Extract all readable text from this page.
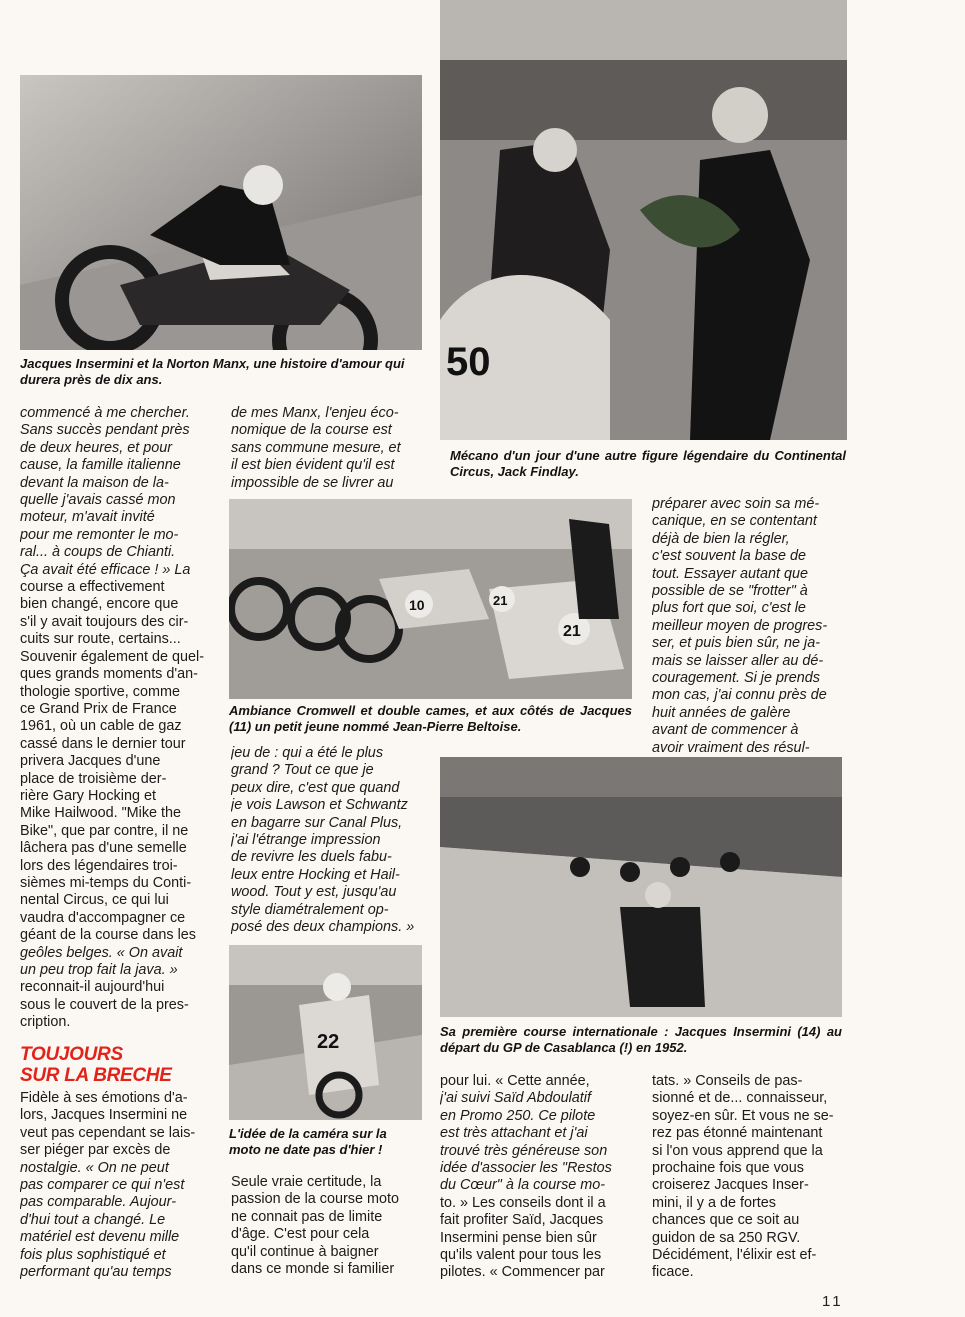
Jacques Insermini et la Norton Manx, une histoire d'amour qui durera près de dix ans.	50
Mécano d'un jour d'une autre figure légendaire du Continental Circus, Jack Findlay.
10	21
21
Ambiance Cromwell et double cames, et aux côtés de Jacques (11) un petit jeune nommé Jean-Pierre Beltoise.
Sa première course internationale : Jacques Insermini (14) au départ du GP de Casablanca (!) en 1952.
22
L'idée de la caméra sur la moto ne date pas d'hier !
commencé à me chercher.
Sans succès pendant près
de deux heures, et pour
cause, la famille italienne
devant la maison de la-
quelle j'avais cassé mon
moteur, m'avait invité
pour me remonter le mo-
ral... à coups de Chianti.
Ça avait été efficace ! » La
course a effectivement
bien changé, encore que
s'il y avait toujours des cir-
cuits sur route, certains...
Souvenir également de quel-
ques grands moments d'an-
thologie sportive, comme
ce Grand Prix de France
1961, où un cable de gaz
cassé dans le dernier tour
privera Jacques d'une
place de troisième der-
rière Gary Hocking et
Mike Hailwood. "Mike the
Bike", que par contre, il ne
lâchera pas d'une semelle
lors des légendaires troi-
sièmes mi-temps du Conti-
nental Circus, ce qui lui
vaudra d'accompagner ce
géant de la course dans les
geôles belges. « On avait
un peu trop fait la java. »
reconnait-il aujourd'hui
sous le couvert de la pres-
cription.
TOUJOURS
SUR LA BRECHE
Fidèle à ses émotions d'a-
lors, Jacques Insermini ne
veut pas cependant se lais-
ser piéger par excès de
nostalgie. « On ne peut
pas comparer ce qui n'est
pas comparable. Aujour-
d'hui tout a changé. Le
matériel est devenu mille
fois plus sophistiqué et
performant qu'au temps
de mes Manx, l'enjeu éco-
nomique de la course est
sans commune mesure, et
il est bien évident qu'il est
impossible de se livrer au
jeu de : qui a été le plus
grand ? Tout ce que je
peux dire, c'est que quand
je vois Lawson et Schwantz
en bagarre sur Canal Plus,
j'ai l'étrange impression
de revivre les duels fabu-
leux entre Hocking et Hail-
wood. Tout y est, jusqu'au
style diamétralement op-
posé des deux champions. »
Seule vraie certitude, la
passion de la course moto
ne connait pas de limite
d'âge. C'est pour cela
qu'il continue à baigner
dans ce monde si familier
pour lui. « Cette année,
j'ai suivi Saïd Abdoulatif
en Promo 250. Ce pilote
est très attachant et j'ai
trouvé très généreuse son
idée d'associer les "Restos
du Cœur" à la course mo-
to. » Les conseils dont il a
fait profiter Saïd, Jacques
Insermini pense bien sûr
qu'ils valent pour tous les
pilotes. « Commencer par
préparer avec soin sa mé-
canique, en se contentant
déjà de bien la régler,
c'est souvent la base de
tout. Essayer autant que
possible de se "frotter" à
plus fort que soi, c'est le
meilleur moyen de progres-
ser, et puis bien sûr, ne ja-
mais se laisser aller au dé-
couragement. Si je prends
mon cas, j'ai connu près de
huit années de galère
avant de commencer à
avoir vraiment des résul-
tats. » Conseils de pas-
sionné et de... connaisseur,
soyez-en sûr. Et vous ne se-
rez pas étonné maintenant
si l'on vous apprend que la
prochaine fois que vous
croiserez Jacques Inser-
mini, il y a de fortes
chances que ce soit au
guidon de sa 250 RGV.
Décidément, l'élixir est ef-
ficace.
11
